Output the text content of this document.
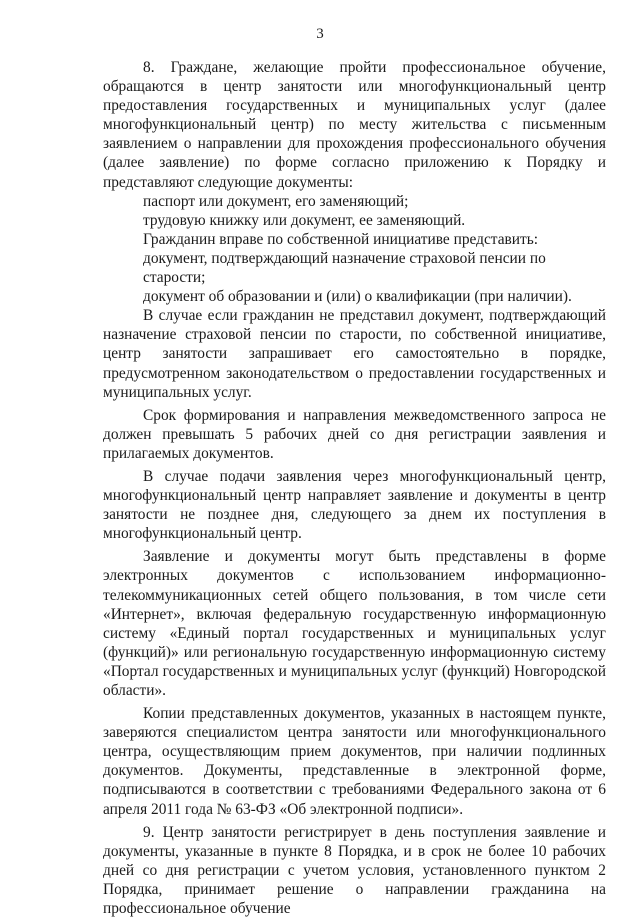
3

8. Граждане, желающие пройти профессиональное обучение, обращаются в центр занятости или многофункциональный центр предоставления государственных и муниципальных услуг (далее многофункциональный центр) по месту жительства с письменным заявлением о направлении для прохождения профессионального обучения (далее заявление) по форме согласно приложению к Порядку и представляют следующие документы:

паспорт или документ, его заменяющий;

трудовую книжку или документ, ее заменяющий.

Гражданин вправе по собственной инициативе представить:

документ, подтверждающий назначение страховой пенсии по старости;

документ об образовании и (или) о квалификации (при наличии).

В случае если гражданин не представил документ, подтверждающий назначение страховой пенсии по старости, по собственной инициативе, центр занятости запрашивает его самостоятельно в порядке, предусмотренном законодательством о предоставлении государственных и муниципальных услуг.

Срок формирования и направления межведомственного запроса не должен превышать 5 рабочих дней со дня регистрации заявления и прилагаемых документов.

В случае подачи заявления через многофункциональный центр, многофункциональный центр направляет заявление и документы в центр занятости не позднее дня, следующего за днем их поступления в многофункциональный центр.

Заявление и документы могут быть представлены в форме электронных документов с использованием информационно-телекоммуникационных сетей общего пользования, в том числе сети «Интернет», включая федеральную государственную информационную систему «Единый портал государственных и муниципальных услуг (функций)» или региональную государственную информационную систему «Портал государственных и муниципальных услуг (функций) Новгородской области».

Копии представленных документов, указанных в настоящем пункте, заверяются специалистом центра занятости или многофункционального центра, осуществляющим прием документов, при наличии подлинных документов. Документы, представленные в электронной форме, подписываются в соответствии с требованиями Федерального закона от 6 апреля 2011 года № 63-ФЗ «Об электронной подписи».

9. Центр занятости регистрирует в день поступления заявление и документы, указанные в пункте 8 Порядка, и в срок не более 10 рабочих дней со дня регистрации с учетом условия, установленного пунктом 2 Порядка, принимает решение о направлении гражданина на профессиональное обучение
